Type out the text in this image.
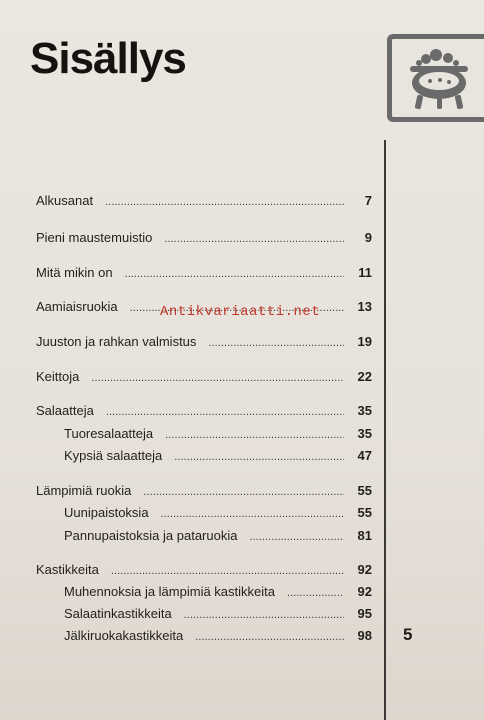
Sisällys
Alkusanat . . .	7
Pieni maustemuistio . . .	9
Mitä mikin on . . .	11
Aamiaisruokia . . .	13
Juuston ja rahkan valmistus . . .	19
Keittoja . . .	22
Salaatteja . . .	35
Tuoresalaatteja . . .	35
Kypsiä salaatteja . . .	47
Lämpimiä ruokia . . .	55
Uunipaistoksia . . .	55
Pannupaistoksia ja pataruokia . . .	81
Kastikkeita . . .	92
Muhennoksia ja lämpimiä kastikkeita . . .	92
Salaatinkastikkeita . . .	95
Jälkiruokakastikkeita . . .	98 5
Antikvariaatti.net
